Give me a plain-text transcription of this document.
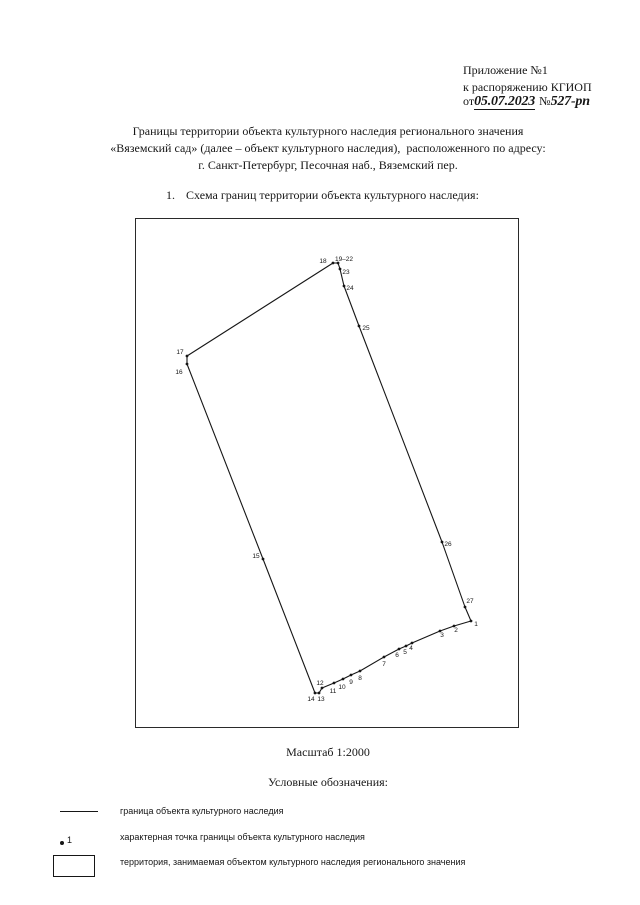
Приложение №1
к распоряжению КГИОП
от05.07.2023 №527-рп
Границы территории объекта культурного наследия регионального значения
«Вяземский сад» (далее – объект культурного наследия),  расположенного по адресу:
г. Санкт-Петербург, Песочная наб., Вяземский пер.
1. Схема границ территории объекта культурного наследия:
1
2
3
4
5
6
7
8
9
10
11
12
13
14
15
16
17
18 19–22
23
24
25
26
27
Масштаб 1:2000
Условные обозначения:
граница объекта культурного наследия
1	характерная точка границы объекта культурного наследия
территория, занимаемая объектом культурного наследия регионального значения
